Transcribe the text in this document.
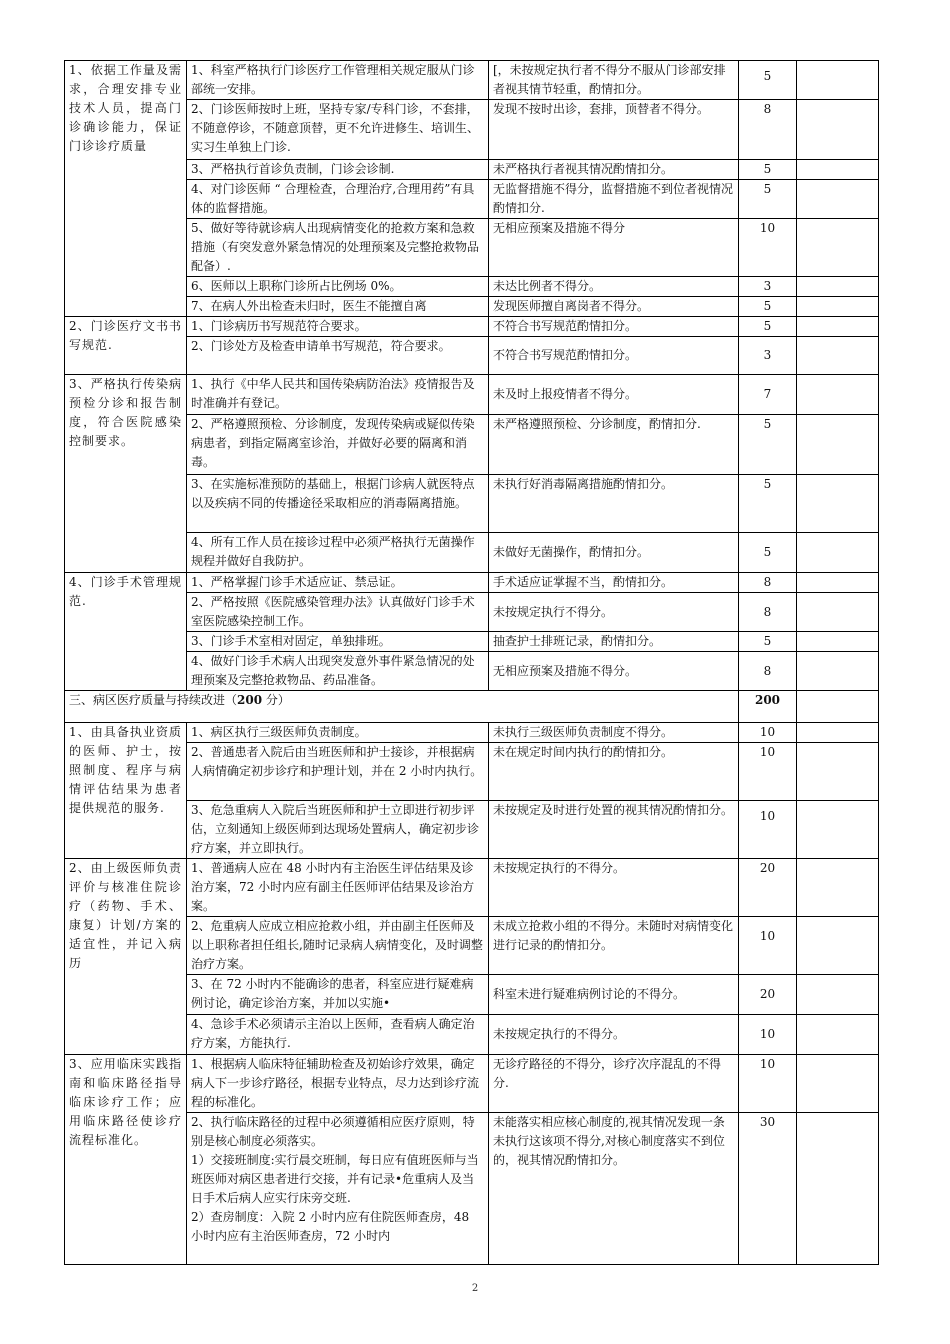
1、依据工作量及需求，合理安排专业技术人员，提高门诊确诊能力，保证门诊诊疗质量	1、科室严格执行门诊医疗工作管理相关规定服从门诊部统一安排。	[，未按规定执行者不得分不服从门诊部安排者视其情节轻重，酌情扣分。	5	
	2、门诊医师按时上班，坚持专家/专科门诊，不套排，不随意停诊，不随意顶替，更不允许进修生、培训生、实习生单独上门诊.	发现不按时出诊，套排，顶替者不得分。	8	
	3、严格执行首诊负责制，门诊会诊制.	未严格执行者视其情况酌情扣分。	5	
	4、对门诊医师 “ 合理检查，合理治疗,合理用药”有具体的监督措施。	无监督措施不得分，监督措施不到位者视情况酌情扣分.	5	
	5、做好等待就诊病人出现病情变化的抢救方案和急救措施（有突发意外紧急情况的处理预案及完整抢救物品配备）.	无相应预案及措施不得分	10	
	6、医师以上职称门诊所占比例场 0%。	未达比例者不得分。	3	
	7、在病人外出检查未归时，医生不能擅自离	发现医师擅自离岗者不得分。	5	
2、门诊医疗文书书写规范.	1、门诊病历书写规范符合要求。	不符合书写规范酌情扣分。	5	
	2、门诊处方及检查申请单书写规范，符合要求。	不符合书写规范酌情扣分。	3	
3、严格执行传染病预检分诊和报告制度，符合医院感染控制要求。	1、执行《中华人民共和国传染病防治法》疫情报告及时准确并有登记。	未及时上报疫情者不得分。	7	
	2、严格遵照预检、分诊制度，发现传染病或疑似传染病患者，到指定隔离室诊治，并做好必要的隔离和消毒。	未严格遵照预检、分诊制度，酌情扣分.	5	
	3、在实施标准预防的基础上，根据门诊病人就医特点以及疾病不同的传播途径采取相应的消毒隔离措施。	未执行好消毒隔离措施酌情扣分。	5	
	4、所有工作人员在接诊过程中必须严格执行无菌操作规程并做好自我防护。	未做好无菌操作，酌情扣分。	5	
4、门诊手术管理规范.	1、严格掌握门诊手术适应证、禁忌证。	手术适应证掌握不当，酌情扣分。	8	
	2、严格按照《医院感染管理办法》认真做好门诊手术室医院感染控制工作。	未按规定执行不得分。	8	
	3、门诊手术室相对固定，单独排班。	抽查护士排班记录，酌情扣分。	5	
	4、做好门诊手术病人出现突发意外事件紧急情况的处理预案及完整抢救物品、药品准备。	无相应预案及措施不得分。	8	
三、病区医疗质量与持续改进（200 分）			200	
1、由具备执业资质的医师、护士，按照制度、程序与病情评估结果为患者提供规范的服务.	1、病区执行三级医师负责制度。	未执行三级医师负责制度不得分。	10	
	2、普通患者入院后由当班医师和护士接诊，并根据病人病情确定初步诊疗和护理计划，并在 2 小时内执行。	未在规定时间内执行的酌情扣分。	10	
	3、危急重病人入院后当班医师和护士立即进行初步评估，立刻通知上级医师到达现场处置病人，确定初步诊疗方案，并立即执行。	未按规定及时进行处置的视其情况酌情扣分。	10	
2、由上级医师负责评价与核准住院诊疗（药物、手术、康复）计划/方案的适宜性，并记入病历	1、普通病人应在 48 小时内有主治医生评估结果及诊治方案，72 小时内应有副主任医师评估结果及诊治方案。	未按规定执行的不得分。	20	
	2、危重病人应成立相应抢救小组，并由副主任医师及以上职称者担任组长,随时记录病人病情变化，及时调整治疗方案。	未成立抢救小组的不得分。未随时对病情变化进行记录的酌情扣分。	10	
	3、在 72 小时内不能确诊的患者，科室应进行疑难病例讨论，确定诊治方案，并加以实施•	科室未进行疑难病例讨论的不得分。	20	
	4、急诊手术必须请示主治以上医师，查看病人确定治疗方案，方能执行.	未按规定执行的不得分。	10	
3、应用临床实践指南和临床路径指导临床诊疗工作；应用临床路径使诊疗流程标准化。	1、根据病人临床特征辅助检查及初始诊疗效果，确定病人下一步诊疗路径，根据专业特点，尽力达到诊疗流程的标准化。	无诊疗路径的不得分，诊疗次序混乱的不得分.	10	

	2、执行临床路径的过程中必须遵循相应医疗原则，特别是核心制度必须落实。
1）交接班制度:实行晨交班制，每日应有值班医师与当班医师对病区患者进行交接，并有记录•危重病人及当日手术后病人应实行床旁交班.
2）查房制度：入院 2 小时内应有住院医师查房，48 小时内应有主治医师查房，72 小时内	未能落实相应核心制度的,视其情况发现一条未执行这该项不得分,对核心制度落实不到位的，视其情况酌情扣分。	30	
2
